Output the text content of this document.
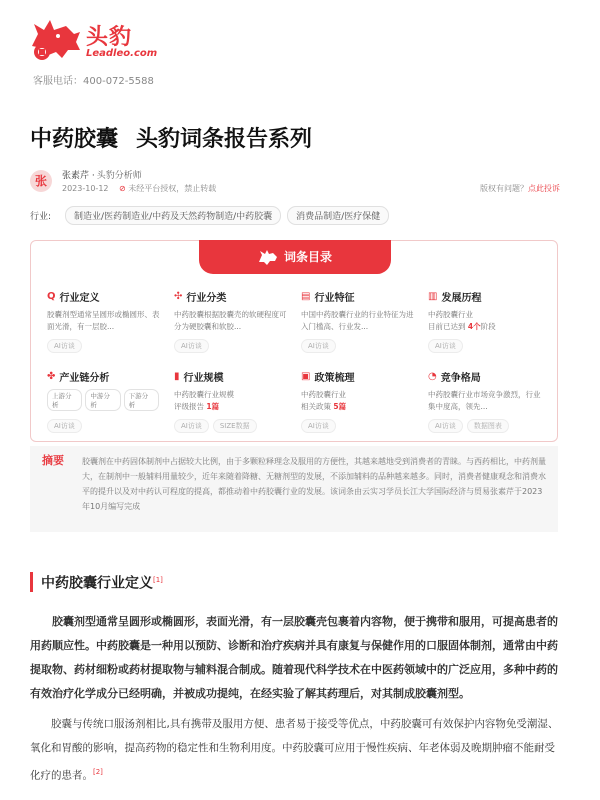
头豹
Leadleo.com
客服电话：400-072-5588
中药胶囊 头豹词条报告系列
张	张素芹 · 头豹分析师
2023-10-12 ⊘ 未经平台授权，禁止转载	版权有问题？点此投诉
行业:	制造业/医药制造业/中药及天然药物制造/中药胶囊	消费品制造/医疗保健
词条目录
Q 行业定义
胶囊剂型通常呈圆形或椭圆形、表面光滑，有一层胶...
AI访谈
✣ 行业分类
中药胶囊根据胶囊壳的软硬程度可分为硬胶囊和软胶...
AI访谈
▤ 行业特征
中国中药胶囊行业的行业特征为进入门槛高、行业发...
AI访谈
▥ 发展历程
中药胶囊行业
目前已达到 4个阶段
AI访谈
✤ 产业链分析
上游分析
中游分析
下游分析
AI访谈
▮ 行业规模
中药胶囊行业规模
评级报告 1篇
AI访谈	SIZE数据
▣ 政策梳理
中药胶囊行业
相关政策 5篇
AI访谈
◔ 竞争格局
中药胶囊行业市场竞争激烈，行业集中度高，领先...
AI访谈	数据图表
摘要 胶囊剂在中药固体制剂中占据较大比例，由于多颗粒释理念及服用的方便性，其越来越地受到消费者的青睐。与西药相比，中药剂量大，在制剂中一般辅料用量较少，近年来随着降糖、无糖剂型的发展，不添加辅料的品种越来越多。同时，消费者健康观念和消费水平的提升以及对中药认可程度的提高，都推动着中药胶囊行业的发展。该词条由云实习学员长江大学国际经济与贸易张素芹于2023年10月编写完成

中药胶囊行业定义[1]
胶囊剂型通常呈圆形或椭圆形，表面光滑，有一层胶囊壳包裹着内容物，便于携带和服用，可提高患者的用药顺应性。中药胶囊是一种用以预防、诊断和治疗疾病并具有康复与保健作用的口服固体制剂，通常由中药提取物、药材细粉或药材提取物与辅料混合制成。随着现代科学技术在中医药领域中的广泛应用，多种中药的有效治疗化学成分已经明确，并被成功提纯，在经实验了解其药理后，对其制成胶囊剂型。
胶囊与传统口服汤剂相比,具有携带及服用方便、患者易于接受等优点，中药胶囊可有效保护内容物免受潮湿、氧化和胃酸的影响，提高药物的稳定性和生物利用度。中药胶囊可应用于慢性疾病、年老体弱及晚期肿瘤不能耐受化疗的患者。[2]
